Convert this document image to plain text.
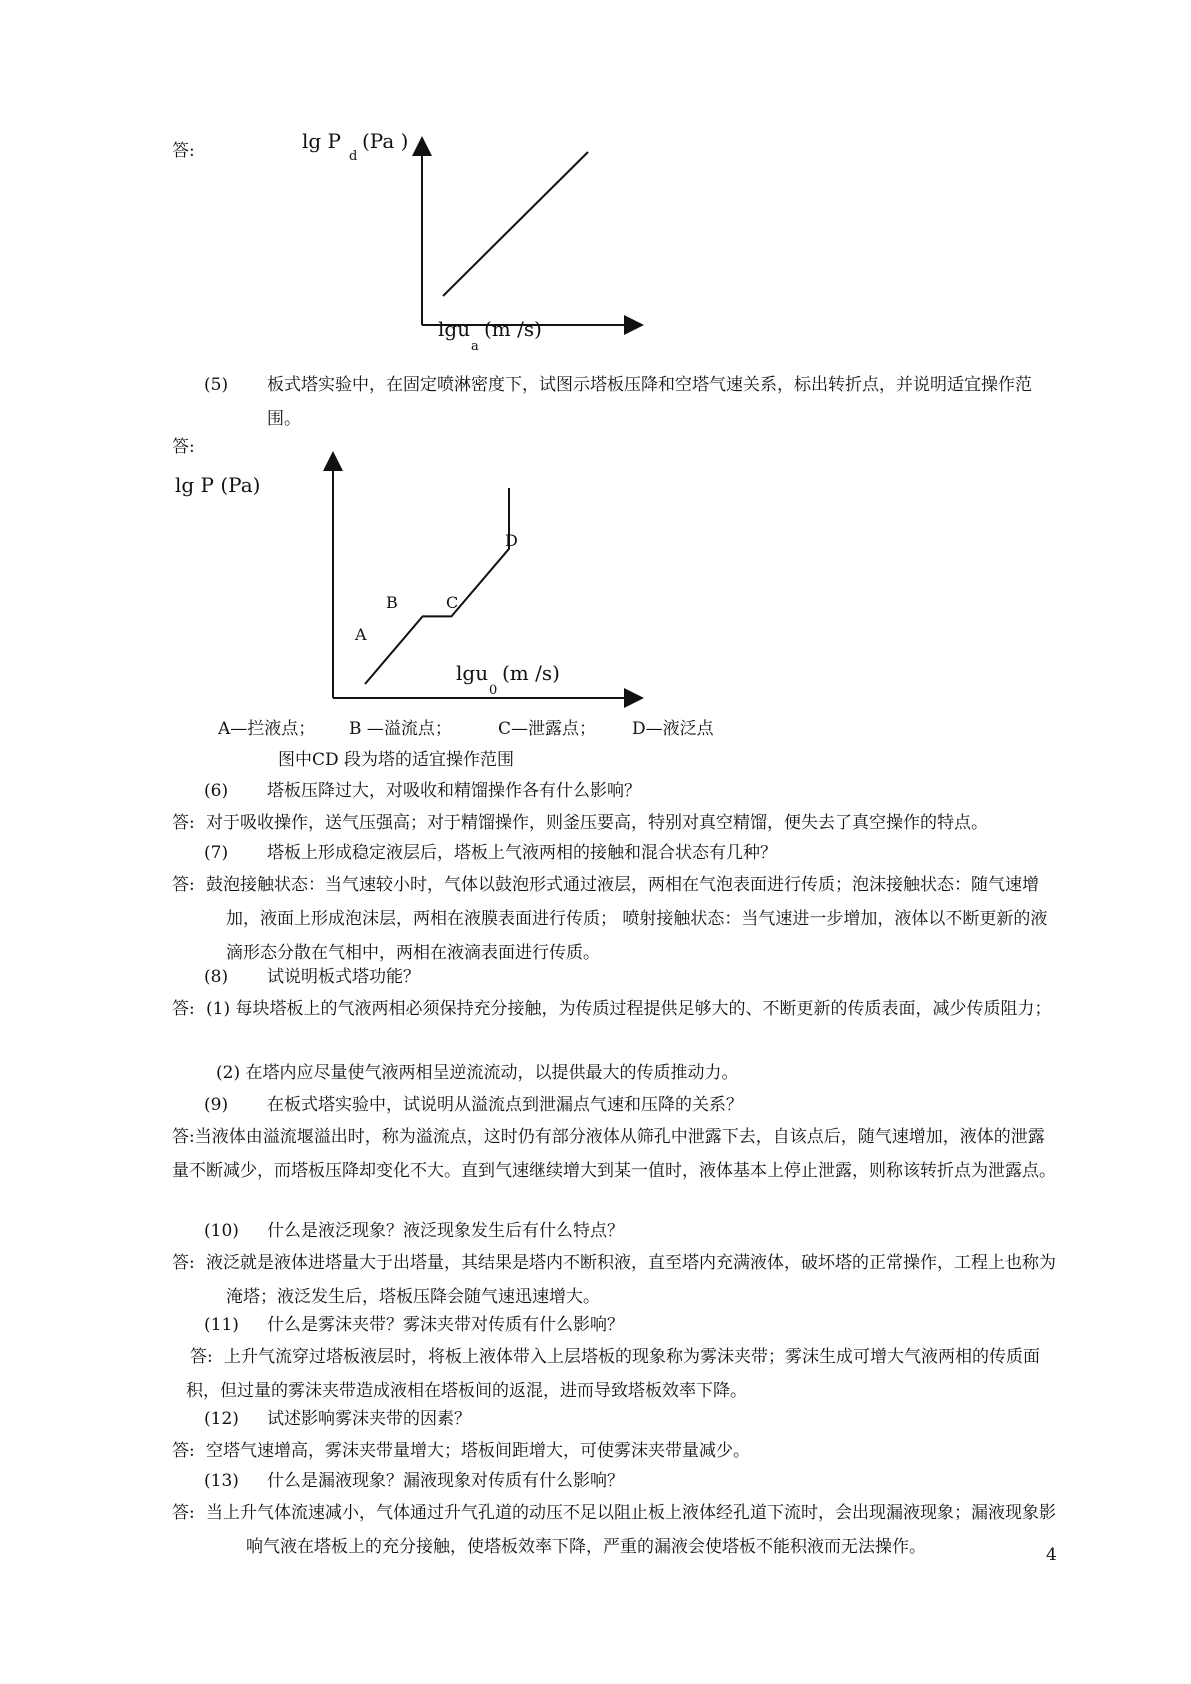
答:	lg P
d
(Pa )
lgu
a
(m /s)
lg P (Pa)
A
B	C
D
lgu
0
(m /s)
(5) 板式塔实验中，在固定喷淋密度下，试图示塔板压降和空塔气速关系，标出转折点，并说明适宜操作范围。
答:
A—拦液点； B —溢流点；	C—泄露点； D—液泛点
图中CD 段为塔的适宜操作范围
(6) 塔板压降过大，对吸收和精馏操作各有什么影响？
答: 对于吸收操作，送气压强高；对于精馏操作，则釜压要高，特别对真空精馏，便失去了真空操作的特点。
(7) 塔板上形成稳定液层后，塔板上气液两相的接触和混合状态有几种？
答: 鼓泡接触状态：当气速较小时，气体以鼓泡形式通过液层，两相在气泡表面进行传质；泡沫接触状态：随气速增加，液面上形成泡沫层，两相在液膜表面进行传质； 喷射接触状态：当气速进一步增加，液体以不断更新的液滴形态分散在气相中，两相在液滴表面进行传质。
(8) 试说明板式塔功能？
答: (1) 每块塔板上的气液两相必须保持充分接触，为传质过程提供足够大的、不断更新的传质表面，减少传质阻力；
(2) 在塔内应尽量使气液两相呈逆流流动，以提供最大的传质推动力。
(9) 在板式塔实验中，试说明从溢流点到泄漏点气速和压降的关系？
答:当液体由溢流堰溢出时，称为溢流点，这时仍有部分液体从筛孔中泄露下去，自该点后，随气速增加，液体的泄露量不断减少，而塔板压降却变化不大。直到气速继续增大到某一值时，液体基本上停止泄露，则称该转折点为泄露点。
(10) 什么是液泛现象？液泛现象发生后有什么特点？
答: 液泛就是液体进塔量大于出塔量，其结果是塔内不断积液，直至塔内充满液体，破坏塔的正常操作，工程上也称为淹塔；液泛发生后，塔板压降会随气速迅速增大。
(11) 什么是雾沫夹带？雾沫夹带对传质有什么影响？
答: 上升气流穿过塔板液层时，将板上液体带入上层塔板的现象称为雾沫夹带；雾沫生成可增大气液两相的传质面积，但过量的雾沫夹带造成液相在塔板间的返混，进而导致塔板效率下降。
(12) 试述影响雾沫夹带的因素？
答: 空塔气速增高，雾沫夹带量增大；塔板间距增大，可使雾沫夹带量减少。
(13) 什么是漏液现象？漏液现象对传质有什么影响？
答: 当上升气体流速减小，气体通过升气孔道的动压不足以阻止板上液体经孔道下流时，会出现漏液现象；漏液现象影响气液在塔板上的充分接触，使塔板效率下降，严重的漏液会使塔板不能积液而无法操作。	4
